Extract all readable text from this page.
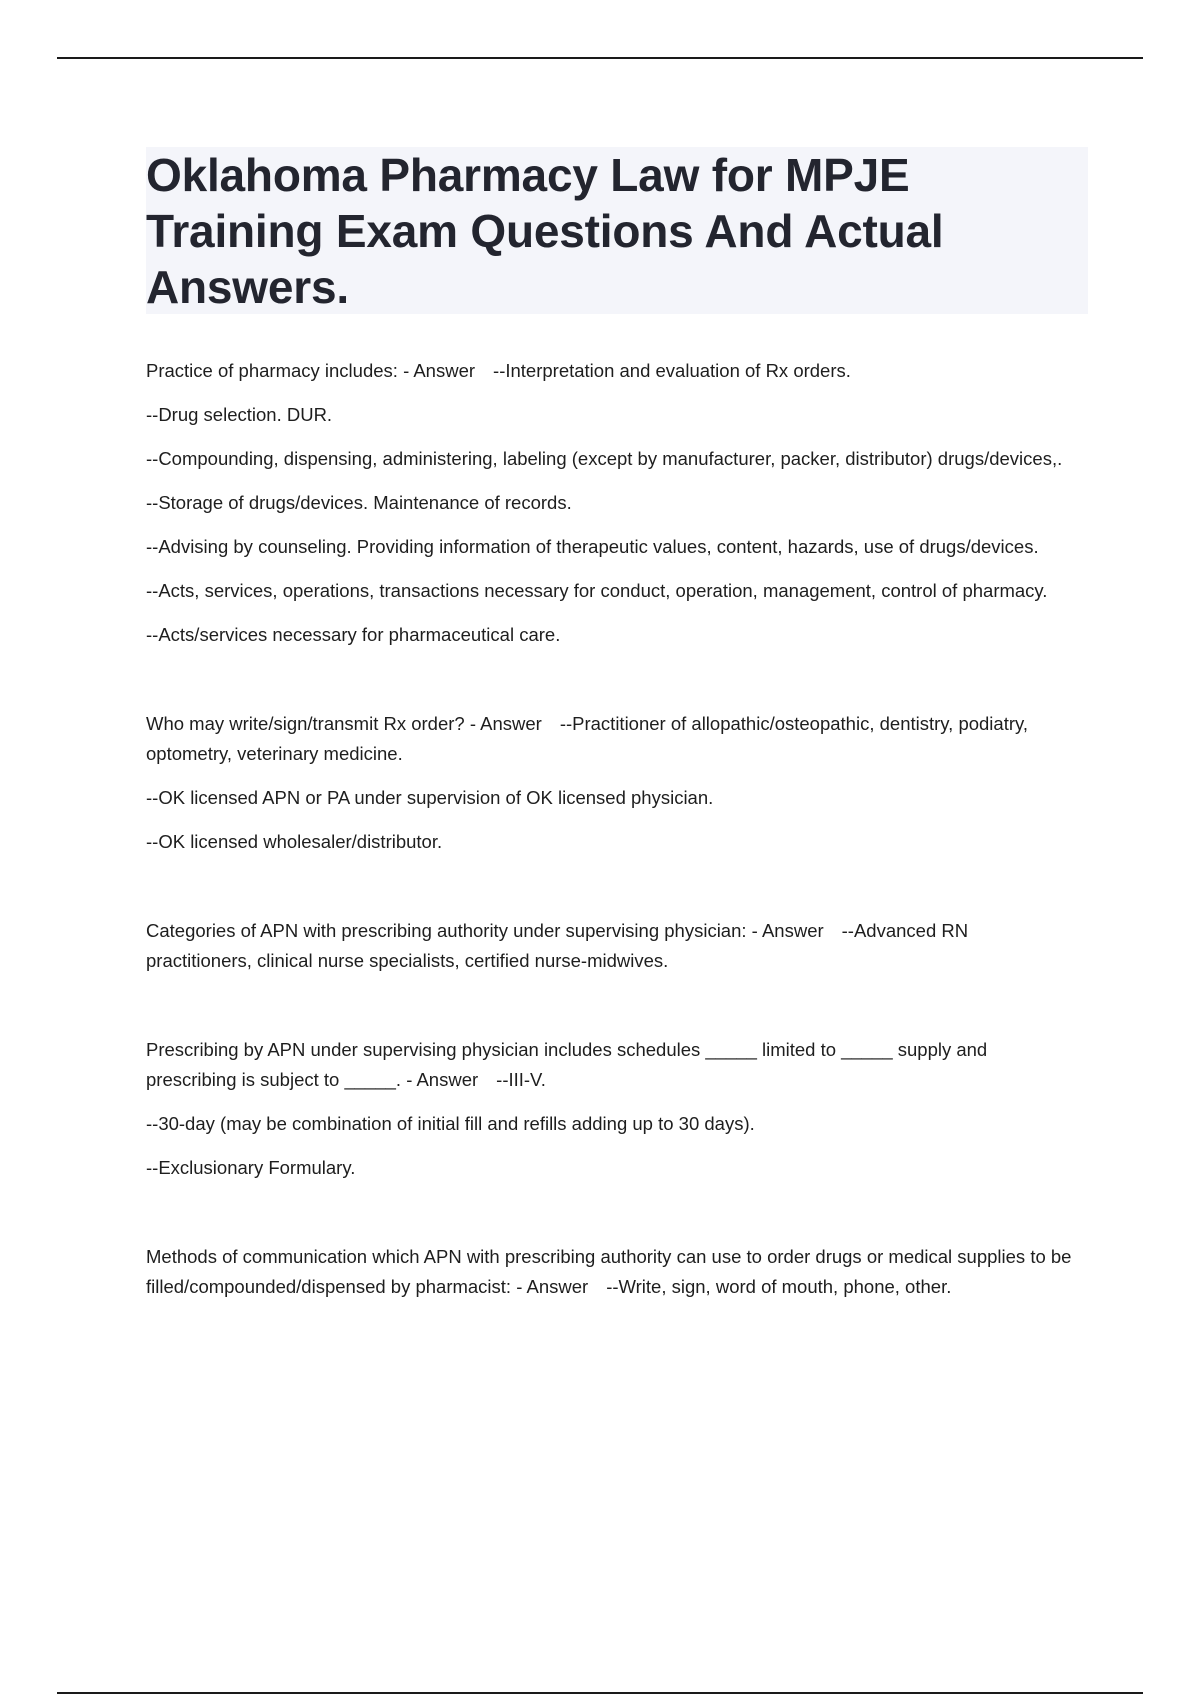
Oklahoma Pharmacy Law for MPJE Training Exam Questions And Actual Answers.

Practice of pharmacy includes: - Answer --Interpretation and evaluation of Rx orders.

--Drug selection. DUR.

--Compounding, dispensing, administering, labeling (except by manufacturer, packer, distributor) drugs/devices,.

--Storage of drugs/devices. Maintenance of records.

--Advising by counseling. Providing information of therapeutic values, content, hazards, use of drugs/devices.

--Acts, services, operations, transactions necessary for conduct, operation, management, control of pharmacy.

--Acts/services necessary for pharmaceutical care.

Who may write/sign/transmit Rx order? - Answer --Practitioner of allopathic/osteopathic, dentistry, podiatry, optometry, veterinary medicine.

--OK licensed APN or PA under supervision of OK licensed physician.

--OK licensed wholesaler/distributor.

Categories of APN with prescribing authority under supervising physician: - Answer --Advanced RN practitioners, clinical nurse specialists, certified nurse-midwives.

Prescribing by APN under supervising physician includes schedules _____ limited to _____ supply and prescribing is subject to _____. - Answer --III-V.

--30-day (may be combination of initial fill and refills adding up to 30 days).

--Exclusionary Formulary.

Methods of communication which APN with prescribing authority can use to order drugs or medical supplies to be filled/compounded/dispensed by pharmacist: - Answer --Write, sign, word of mouth, phone, other.
